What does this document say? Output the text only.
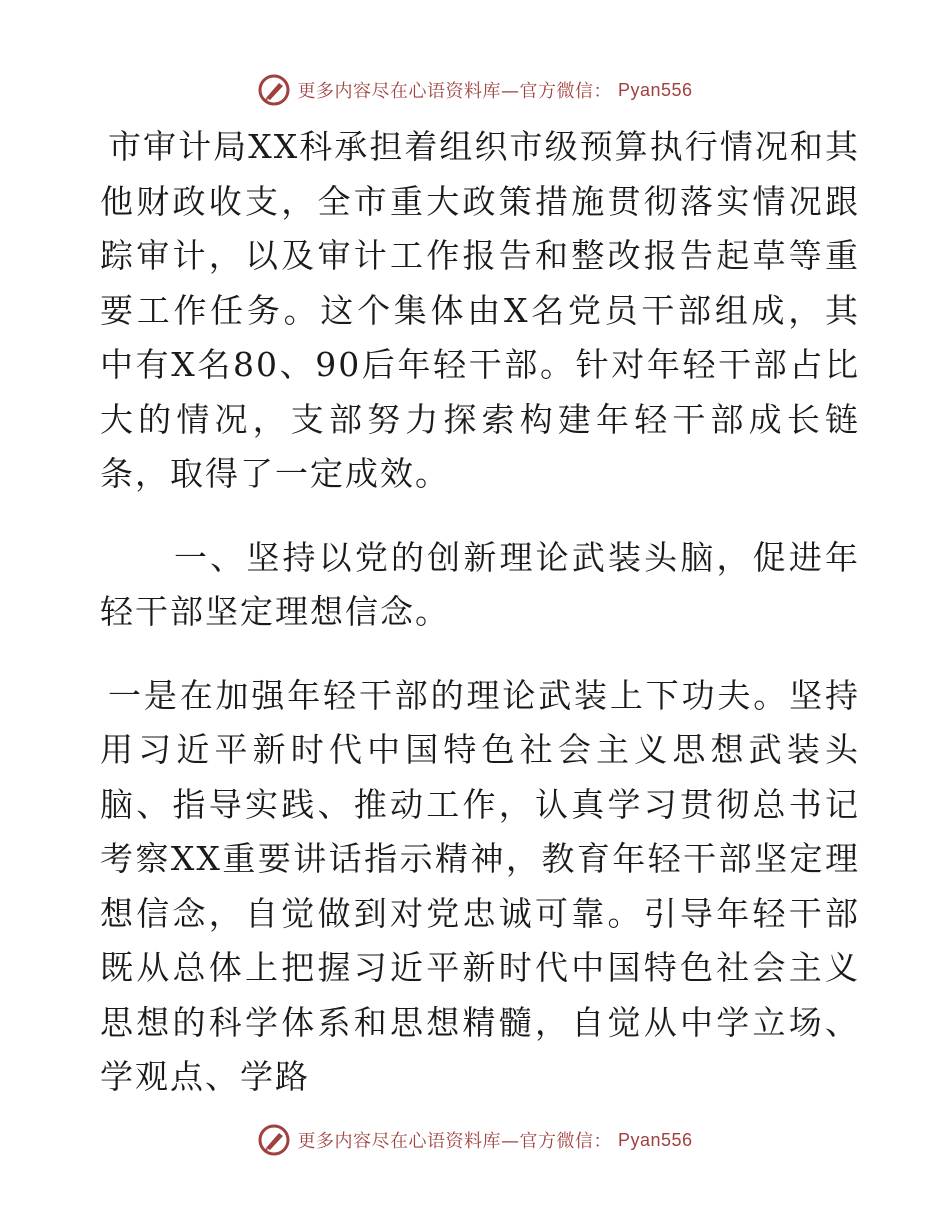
更多内容尽在心语资料库—官方微信： Pyan556

市审计局XX科承担着组织市级预算执行情况和其他财政收支，全市重大政策措施贯彻落实情况跟踪审计，以及审计工作报告和整改报告起草等重要工作任务。这个集体由X名党员干部组成，其中有X名80、90后年轻干部。针对年轻干部占比大的情况，支部努力探索构建年轻干部成长链条，取得了一定成效。

一、坚持以党的创新理论武装头脑，促进年轻干部坚定理想信念。

一是在加强年轻干部的理论武装上下功夫。坚持用习近平新时代中国特色社会主义思想武装头脑、指导实践、推动工作，认真学习贯彻总书记考察XX重要讲话指示精神，教育年轻干部坚定理想信念，自觉做到对党忠诚可靠。引导年轻干部既从总体上把握习近平新时代中国特色社会主义思想的科学体系和思想精髓，自觉从中学立场、学观点、学路

更多内容尽在心语资料库—官方微信： Pyan556
